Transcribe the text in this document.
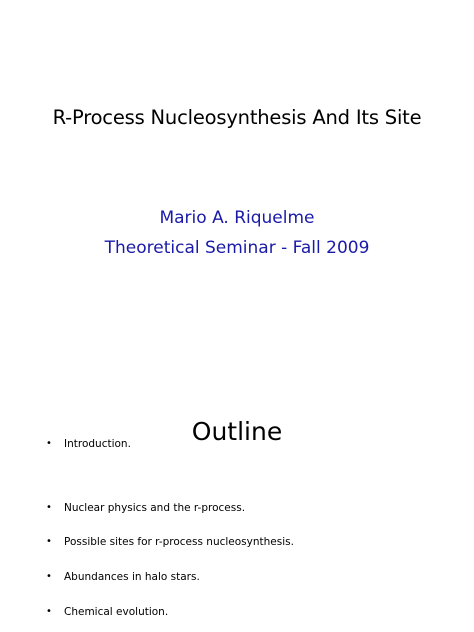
R-Process Nucleosynthesis And Its Site
Mario A. Riquelme
Theoretical Seminar - Fall 2009
Outline
•	Introduction.
•	Nuclear physics and the r-process.
•	Possible sites for r-process nucleosynthesis.
•	Abundances in halo stars.
•	Chemical evolution.
